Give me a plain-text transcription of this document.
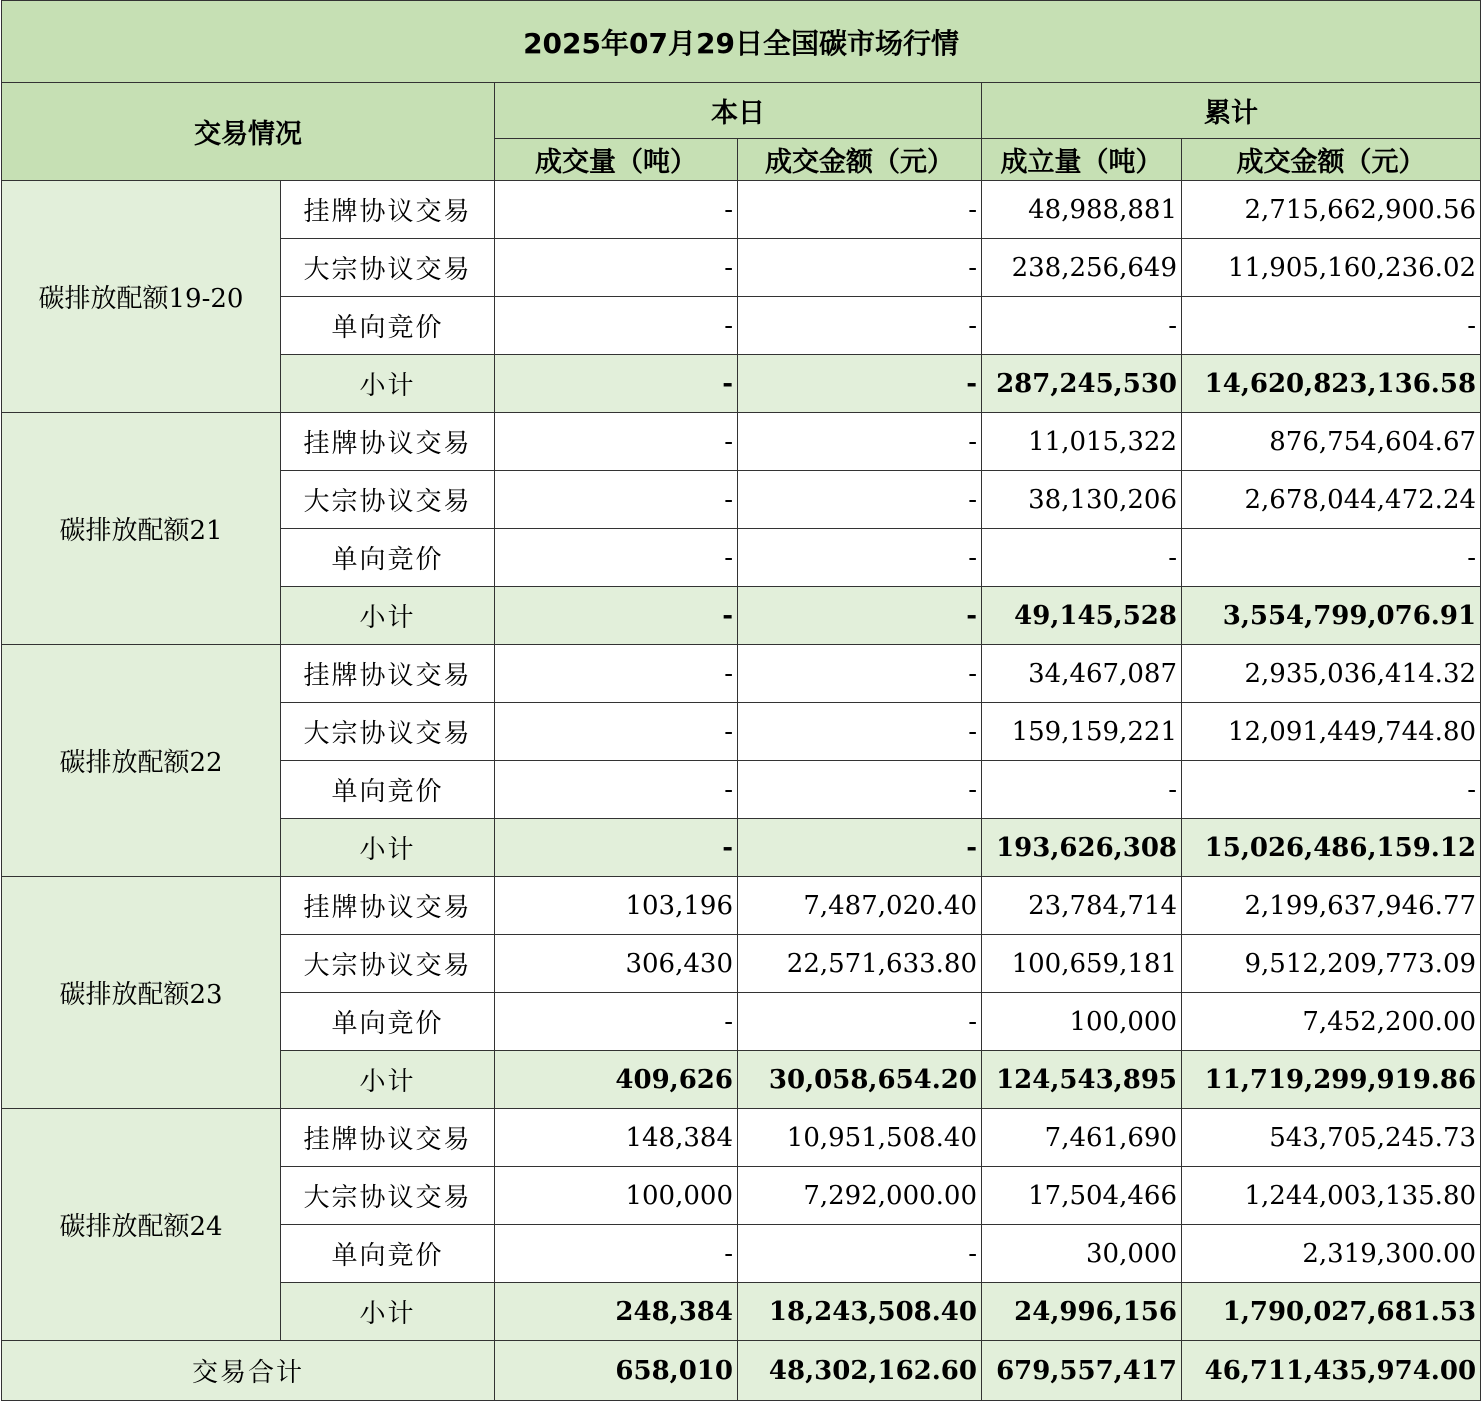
2025年07月29日全国碳市场行情					
交易情况		本日		累计	
		成交量（吨）	成交金额（元）	成立量（吨）	成交金额（元）
碳排放配额19-20	挂牌协议交易	-	-	48,988,881	2,715,662,900.56
	大宗协议交易	-	-	238,256,649	11,905,160,236.02
	单向竞价	-	-	-	-
	小计	-	-	287,245,530	14,620,823,136.58
碳排放配额21	挂牌协议交易	-	-	11,015,322	876,754,604.67
	大宗协议交易	-	-	38,130,206	2,678,044,472.24
	单向竞价	-	-	-	-
	小计	-	-	49,145,528	3,554,799,076.91
碳排放配额22	挂牌协议交易	-	-	34,467,087	2,935,036,414.32
	大宗协议交易	-	-	159,159,221	12,091,449,744.80
	单向竞价	-	-	-	-
	小计	-	-	193,626,308	15,026,486,159.12
碳排放配额23	挂牌协议交易	103,196	7,487,020.40	23,784,714	2,199,637,946.77
	大宗协议交易	306,430	22,571,633.80	100,659,181	9,512,209,773.09
	单向竞价	-	-	100,000	7,452,200.00
	小计	409,626	30,058,654.20	124,543,895	11,719,299,919.86
碳排放配额24	挂牌协议交易	148,384	10,951,508.40	7,461,690	543,705,245.73
	大宗协议交易	100,000	7,292,000.00	17,504,466	1,244,003,135.80
	单向竞价	-	-	30,000	2,319,300.00
	小计	248,384	18,243,508.40	24,996,156	1,790,027,681.53
交易合计		658,010	48,302,162.60	679,557,417	46,711,435,974.00
